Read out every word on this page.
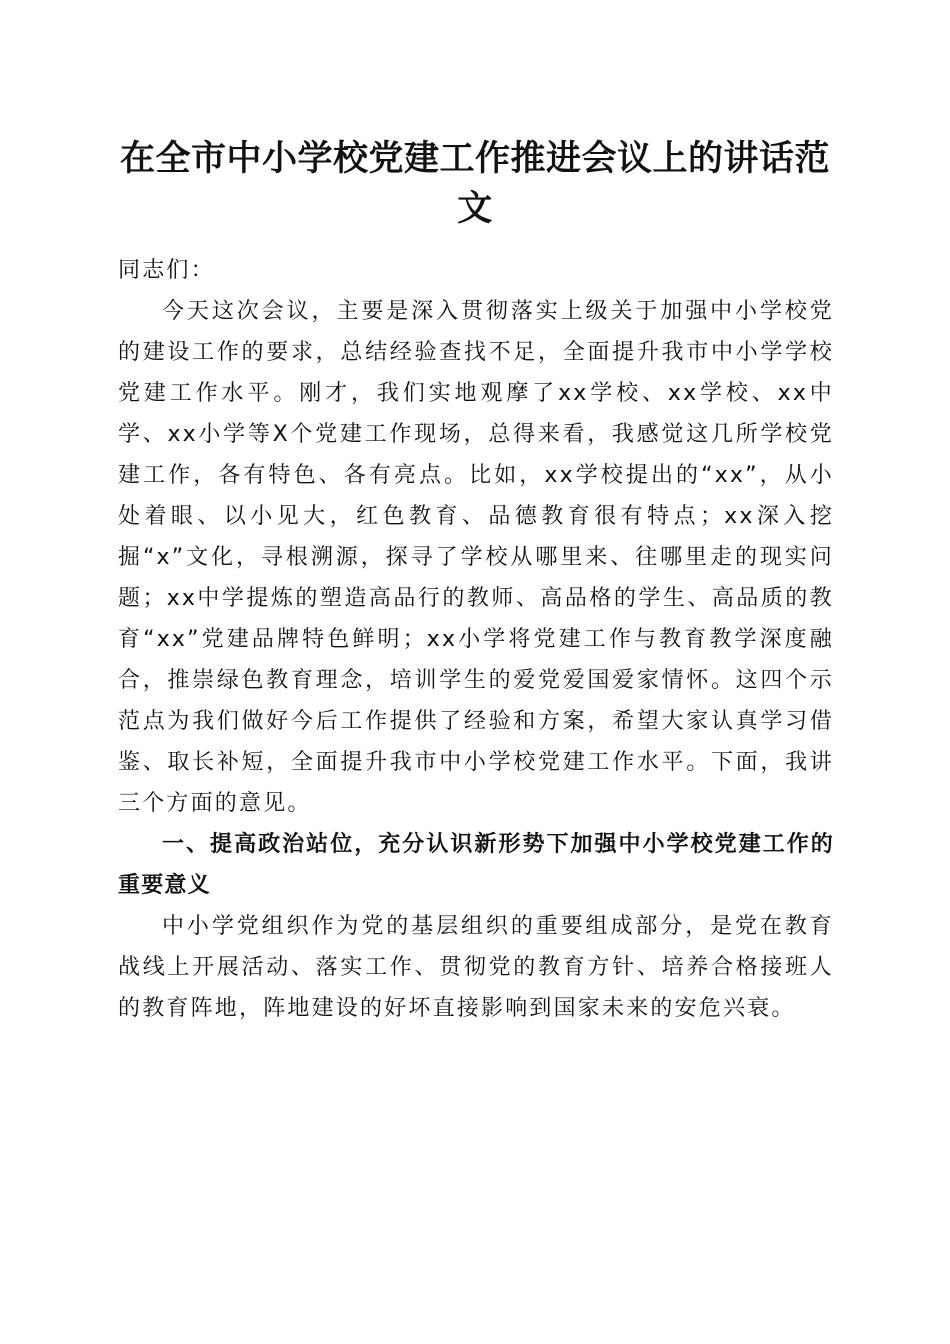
在全市中小学校党建工作推进会议上的讲话范文

同志们：

今天这次会议，主要是深入贯彻落实上级关于加强中小学校党的建设工作的要求，总结经验查找不足，全面提升我市中小学学校党建工作水平。刚才，我们实地观摩了xx学校、xx学校、xx中学、xx小学等X个党建工作现场，总得来看，我感觉这几所学校党建工作，各有特色、各有亮点。比如，xx学校提出的“xx”，从小处着眼、以小见大，红色教育、品德教育很有特点；xx深入挖掘“x”文化，寻根溯源，探寻了学校从哪里来、往哪里走的现实问题；xx中学提炼的塑造高品行的教师、高品格的学生、高品质的教育“xx”党建品牌特色鲜明；xx小学将党建工作与教育教学深度融合，推崇绿色教育理念，培训学生的爱党爱国爱家情怀。这四个示范点为我们做好今后工作提供了经验和方案，希望大家认真学习借鉴、取长补短，全面提升我市中小学校党建工作水平。下面，我讲三个方面的意见。

一、提高政治站位，充分认识新形势下加强中小学校党建工作的重要意义

中小学党组织作为党的基层组织的重要组成部分，是党在教育战线上开展活动、落实工作、贯彻党的教育方针、培养合格接班人的教育阵地，阵地建设的好坏直接影响到国家未来的安危兴衰。
